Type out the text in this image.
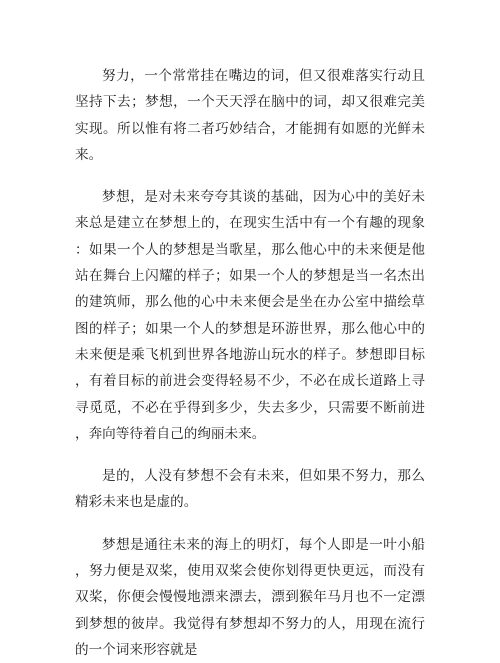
努力，一个常常挂在嘴边的词，但又很难落实行动且坚持下去；梦想，一个天天浮在脑中的词，却又很难完美实现。所以惟有将二者巧妙结合，才能拥有如愿的光鲜未来。

梦想，是对未来夸夸其谈的基础，因为心中的美好未来总是建立在梦想上的，在现实生活中有一个有趣的现象：如果一个人的梦想是当歌星，那么他心中的未来便是他站在舞台上闪耀的样子；如果一个人的梦想是当一名杰出的建筑师，那么他的心中未来便会是坐在办公室中描绘草图的样子；如果一个人的梦想是环游世界，那么他心中的未来便是乘飞机到世界各地游山玩水的样子。梦想即目标，有着目标的前进会变得轻易不少，不必在成长道路上寻寻觅觅，不必在乎得到多少，失去多少，只需要不断前进，奔向等待着自己的绚丽未来。

是的，人没有梦想不会有未来，但如果不努力，那么精彩未来也是虚的。

梦想是通往未来的海上的明灯，每个人即是一叶小船，努力便是双桨，使用双桨会使你划得更快更远，而没有双桨，你便会慢慢地漂来漂去，漂到猴年马月也不一定漂到梦想的彼岸。我觉得有梦想却不努力的人，用现在流行的一个词来形容就是
